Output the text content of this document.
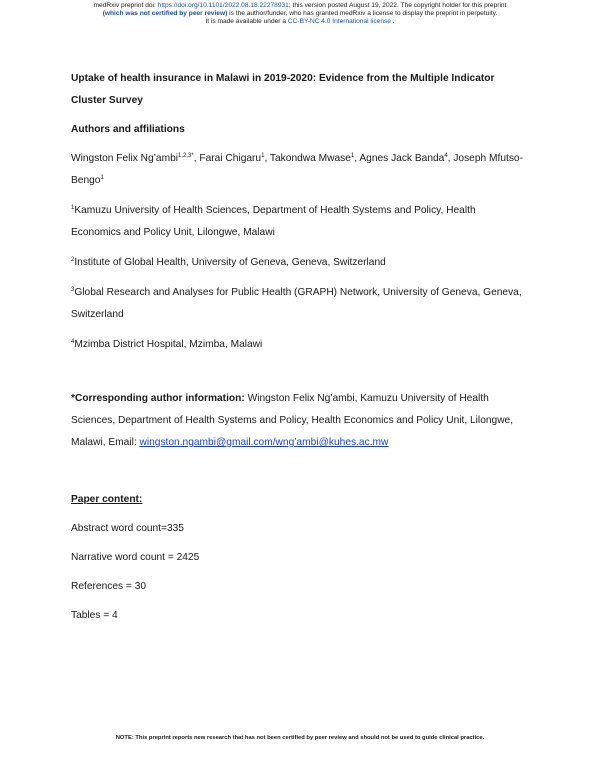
medRxiv preprint doi: https://doi.org/10.1101/2022.08.18.22278931; this version posted August 19, 2022. The copyright holder for this preprint
(which was not certified by peer review) is the author/funder, who has granted medRxiv a license to display the preprint in perpetuity.
It is made available under a CC-BY-NC 4.0 International license .

Uptake of health insurance in Malawi in 2019-2020: Evidence from the Multiple Indicator Cluster Survey

Authors and affiliations

Wingston Felix Ng’ambi$^{1,2,3*}$, Farai Chigaru$^1$, Takondwa Mwase$^1$, Agnes Jack Banda$^4$, Joseph Mfutso-Bengo$^1$

$^1$Kamuzu University of Health Sciences, Department of Health Systems and Policy, Health Economics and Policy Unit, Lilongwe, Malawi

$^2$Institute of Global Health, University of Geneva, Geneva, Switzerland

$^3$Global Research and Analyses for Public Health (GRAPH) Network, University of Geneva, Geneva, Switzerland

$^4$Mzimba District Hospital, Mzimba, Malawi

*Corresponding author information: Wingston Felix Ng’ambi, Kamuzu University of Health Sciences, Department of Health Systems and Policy, Health Economics and Policy Unit, Lilongwe, Malawi, Email: wingston.ngambi@gmail.com/wng’ambi@kuhes.ac.mw

Paper content:

Abstract word count=335

Narrative word count = 2425

References = 30

Tables = 4

NOTE: This preprint reports new research that has not been certified by peer review and should not be used to guide clinical practice.
